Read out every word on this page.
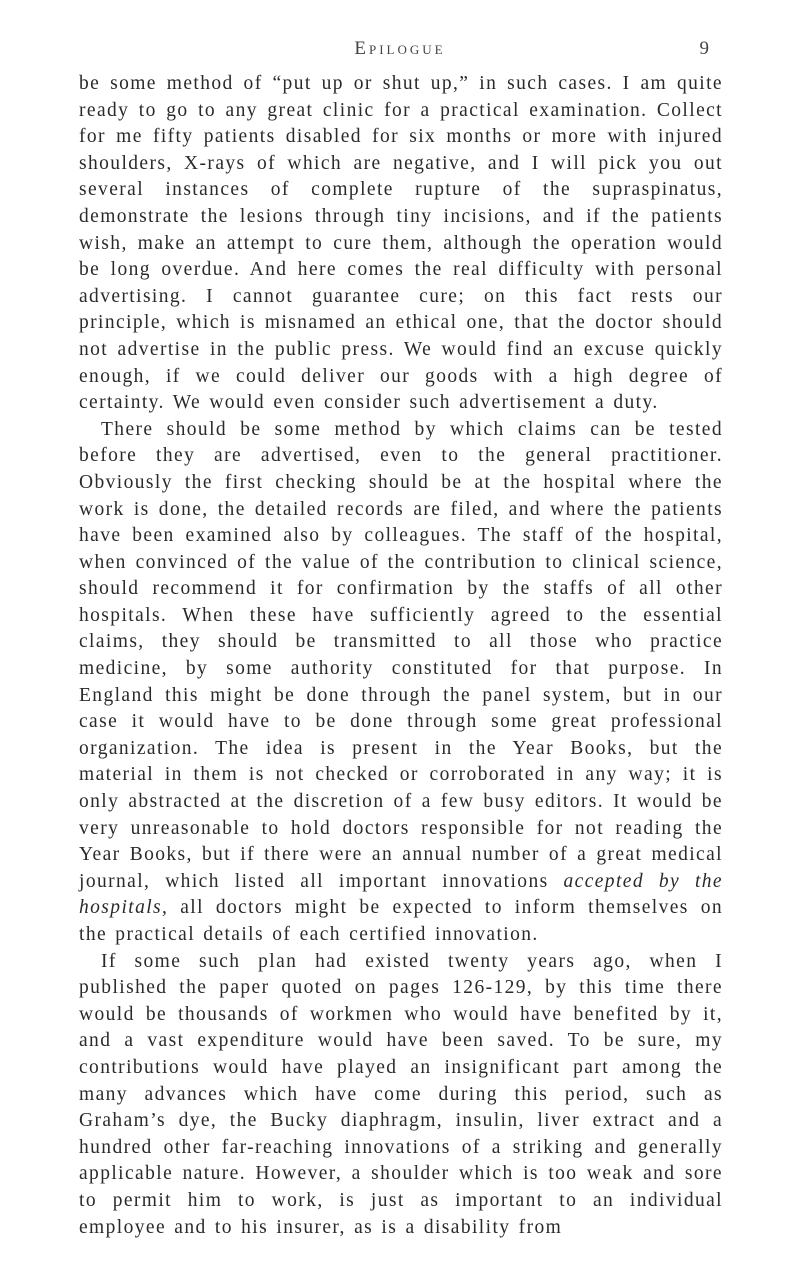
Epilogue	9

be some method of “put up or shut up,” in such cases. I am quite ready to go to any great clinic for a practical examination. Collect for me fifty patients disabled for six months or more with injured shoulders, X-rays of which are negative, and I will pick you out several instances of complete rupture of the supraspinatus, demonstrate the lesions through tiny incisions, and if the patients wish, make an attempt to cure them, although the operation would be long overdue. And here comes the real difficulty with personal advertising. I cannot guarantee cure; on this fact rests our principle, which is misnamed an ethical one, that the doctor should not advertise in the public press. We would find an excuse quickly enough, if we could deliver our goods with a high degree of certainty. We would even consider such advertisement a duty.

There should be some method by which claims can be tested before they are advertised, even to the general practitioner. Obviously the first checking should be at the hospital where the work is done, the detailed records are filed, and where the patients have been examined also by colleagues. The staff of the hospital, when convinced of the value of the contribution to clinical science, should recommend it for confirmation by the staffs of all other hospitals. When these have sufficiently agreed to the essential claims, they should be transmitted to all those who practice medicine, by some authority constituted for that purpose. In England this might be done through the panel system, but in our case it would have to be done through some great professional organization. The idea is present in the Year Books, but the material in them is not checked or corroborated in any way; it is only abstracted at the discretion of a few busy editors. It would be very unreasonable to hold doctors responsible for not reading the Year Books, but if there were an annual number of a great medical journal, which listed all important innovations accepted by the hospitals, all doctors might be expected to inform themselves on the practical details of each certified innovation.

If some such plan had existed twenty years ago, when I published the paper quoted on pages 126-129, by this time there would be thousands of workmen who would have benefited by it, and a vast expenditure would have been saved. To be sure, my contributions would have played an insignificant part among the many advances which have come during this period, such as Graham’s dye, the Bucky diaphragm, insulin, liver extract and a hundred other far-reaching innovations of a striking and generally applicable nature. However, a shoulder which is too weak and sore to permit him to work, is just as important to an individual employee and to his insurer, as is a disability from
